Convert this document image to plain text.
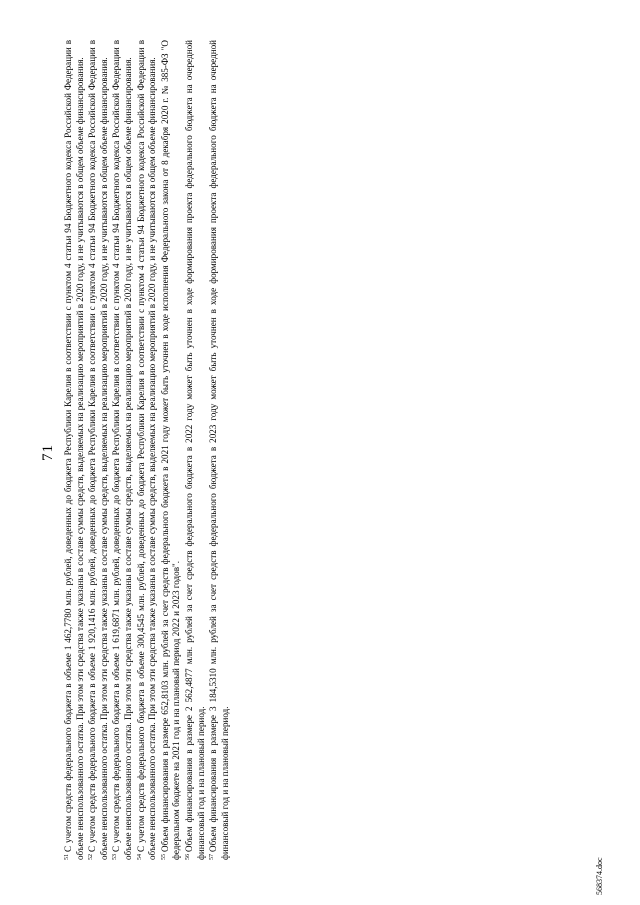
71

$^{51}$С учетом средств федерального бюджета в объеме 1 462,7780 млн. рублей, доведенных до бюджета Республики Карелия в соответствии с пунктом 4 статьи 94 Бюджетного кодекса Российской Федерации в объеме неиспользованного остатка. При этом эти средства также указаны в составе суммы средств, выделяемых на реализацию мероприятий в 2020 году, и не учитываются в общем объеме финансирования. $^{52}$С учетом средств федерального бюджета в объеме 1 920,1416 млн. рублей, доведенных до бюджета Республики Карелия в соответствии с пунктом 4 статьи 94 Бюджетного кодекса Российской Федерации в объеме неиспользованного остатка. При этом эти средства также указаны в составе суммы средств, выделяемых на реализацию мероприятий в 2020 году, и не учитываются в общем объеме финансирования. $^{53}$С учетом средств федерального бюджета в объеме 1 619,6871 млн. рублей, доведенных до бюджета Республики Карелия в соответствии с пунктом 4 статьи 94 Бюджетного кодекса Российской Федерации в объеме неиспользованного остатка. При этом эти средства также указаны в составе суммы средств, выделяемых на реализацию мероприятий в 2020 году, и не учитываются в общем объеме финансирования. $^{54}$С учетом средств федерального бюджета в объеме 300,4545 млн. рублей, доведенных до бюджета Республики Карелия в соответствии с пунктом 4 статьи 94 Бюджетного кодекса Российской Федерации в объеме неиспользованного остатка. При этом эти средства также указаны в составе суммы средств, выделяемых на реализацию мероприятий в 2020 году, и не учитываются в общем объеме финансирования. $^{55}$Объем финансирования в размере 652,8103 млн. рублей за счет средств федерального бюджета в 2021 году может быть уточнен в ходе исполнения Федерального закона от 8 декабря 2020 г. № 385-ФЗ "О федеральном бюджете на 2021 год и на плановый период 2022 и 2023 годов". $^{56}$Объем финансирования в размере 2 562,4877 млн. рублей за счет средств федерального бюджета в 2022 году может быть уточнен в ходе формирования проекта федерального бюджета на очередной финансовый год и на плановый период. $^{57}$Объем финансирования в размере 3 184,5310 млн. рублей за счет средств федерального бюджета в 2023 году может быть уточнен в ходе формирования проекта федерального бюджета на очередной финансовый год и на плановый период.

568374.doc
